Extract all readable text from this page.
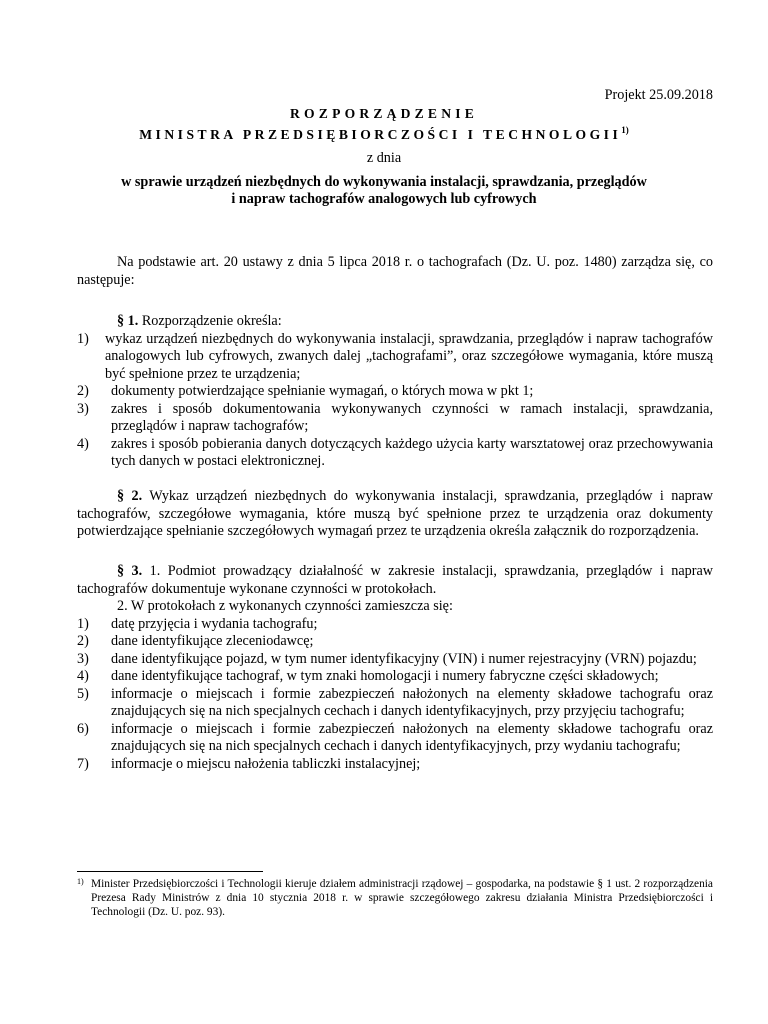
Projekt 25.09.2018
ROZPORZĄDZENIE
MINISTRA PRZEDSIĘBIORCZOŚCI I TECHNOLOGII$^{1)}$
z dnia
w sprawie urządzeń niezbędnych do wykonywania instalacji, sprawdzania, przeglądów
i napraw tachografów analogowych lub cyfrowych
Na podstawie art. 20 ustawy z dnia 5 lipca 2018 r. o tachografach (Dz. U. poz. 1480) zarządza się, co następuje:
§ 1. Rozporządzenie określa:
1)	wykaz urządzeń niezbędnych do wykonywania instalacji, sprawdzania, przeglądów i napraw tachografów analogowych lub cyfrowych, zwanych dalej „tachografami”, oraz szczegółowe wymagania, które muszą być spełnione przez te urządzenia;
2)	dokumenty potwierdzające spełnianie wymagań, o których mowa w pkt 1;
3)	zakres i sposób dokumentowania wykonywanych czynności w ramach instalacji, sprawdzania, przeglądów i napraw tachografów;
4)	zakres i sposób pobierania danych dotyczących każdego użycia karty warsztatowej oraz przechowywania tych danych w postaci elektronicznej.
§ 2. Wykaz urządzeń niezbędnych do wykonywania instalacji, sprawdzania, przeglądów i napraw tachografów, szczegółowe wymagania, które muszą być spełnione przez te urządzenia oraz dokumenty potwierdzające spełnianie szczegółowych wymagań przez te urządzenia określa załącznik do rozporządzenia.
§ 3. 1. Podmiot prowadzący działalność w zakresie instalacji, sprawdzania, przeglądów i napraw tachografów dokumentuje wykonane czynności w protokołach.
2. W protokołach z wykonanych czynności zamieszcza się:
1)	datę przyjęcia i wydania tachografu;
2)	dane identyfikujące zleceniodawcę;
3)	dane identyfikujące pojazd, w tym numer identyfikacyjny (VIN) i numer rejestracyjny (VRN) pojazdu;
4)	dane identyfikujące tachograf, w tym znaki homologacji i numery fabryczne części składowych;
5)	informacje o miejscach i formie zabezpieczeń nałożonych na elementy składowe tachografu oraz znajdujących się na nich specjalnych cechach i danych identyfikacyjnych, przy przyjęciu tachografu;
6)	informacje o miejscach i formie zabezpieczeń nałożonych na elementy składowe tachografu oraz znajdujących się na nich specjalnych cechach i danych identyfikacyjnych, przy wydaniu tachografu;
7)	informacje o miejscu nałożenia tabliczki instalacyjnej;
1) Minister Przedsiębiorczości i Technologii kieruje działem administracji rządowej – gospodarka, na podstawie § 1 ust. 2 rozporządzenia Prezesa Rady Ministrów z dnia 10 stycznia 2018 r. w sprawie szczegółowego zakresu działania Ministra Przedsiębiorczości i Technologii (Dz. U. poz. 93).
